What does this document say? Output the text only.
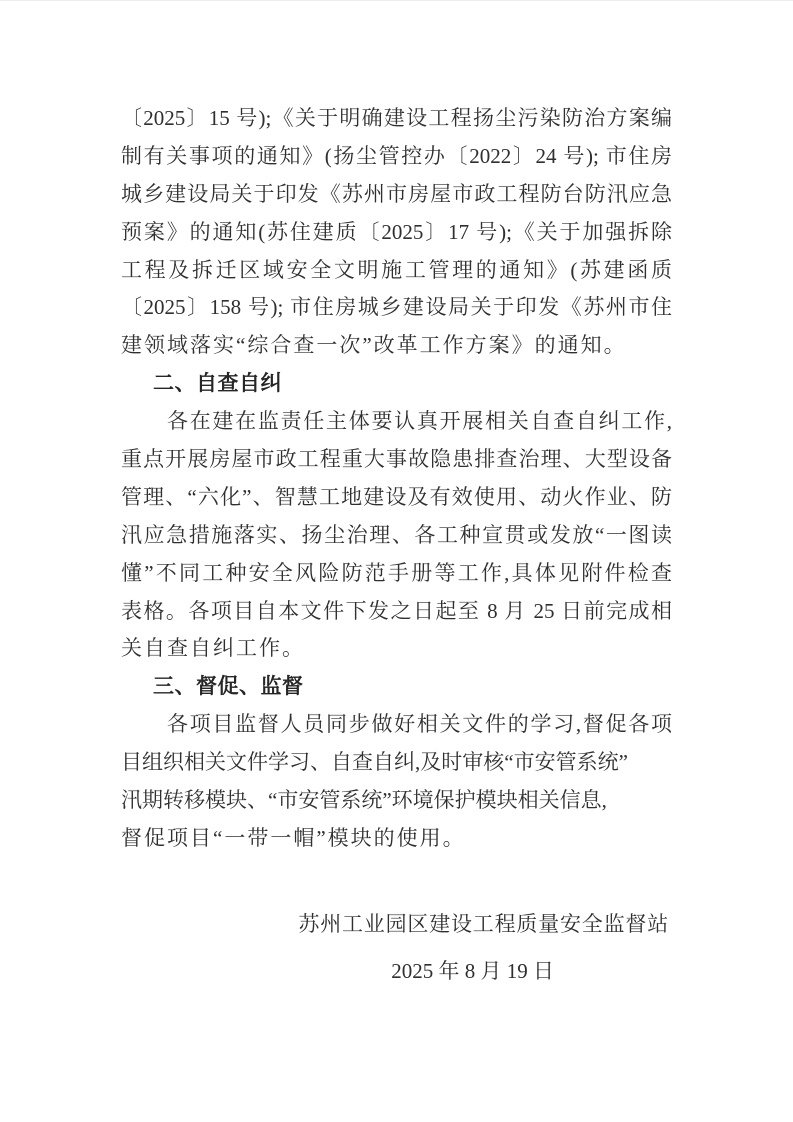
〔2025〕15 号);《关于明确建设工程扬尘污染防治方案编
制有关事项的通知》(扬尘管控办〔2022〕24 号); 市住房
城乡建设局关于印发《苏州市房屋市政工程防台防汛应急
预案》的通知(苏住建质〔2025〕17 号);《关于加强拆除
工程及拆迁区域安全文明施工管理的通知》(苏建函质
〔2025〕158 号); 市住房城乡建设局关于印发《苏州市住
建领域落实“综合查一次”改革工作方案》的通知。
二、自查自纠
各在建在监责任主体要认真开展相关自查自纠工作,
重点开展房屋市政工程重大事故隐患排查治理、大型设备
管理、“六化”、智慧工地建设及有效使用、动火作业、防
汛应急措施落实、扬尘治理、各工种宣贯或发放“一图读
懂”不同工种安全风险防范手册等工作,具体见附件检查
表格。各项目自本文件下发之日起至 8 月 25 日前完成相
关自查自纠工作。
三、督促、监督
各项目监督人员同步做好相关文件的学习,督促各项
目组织相关文件学习、自查自纠,及时审核“市安管系统”
汛期转移模块、“市安管系统”环境保护模块相关信息,
督促项目“一带一帽”模块的使用。
苏州工业园区建设工程质量安全监督站
2025 年 8 月 19 日
